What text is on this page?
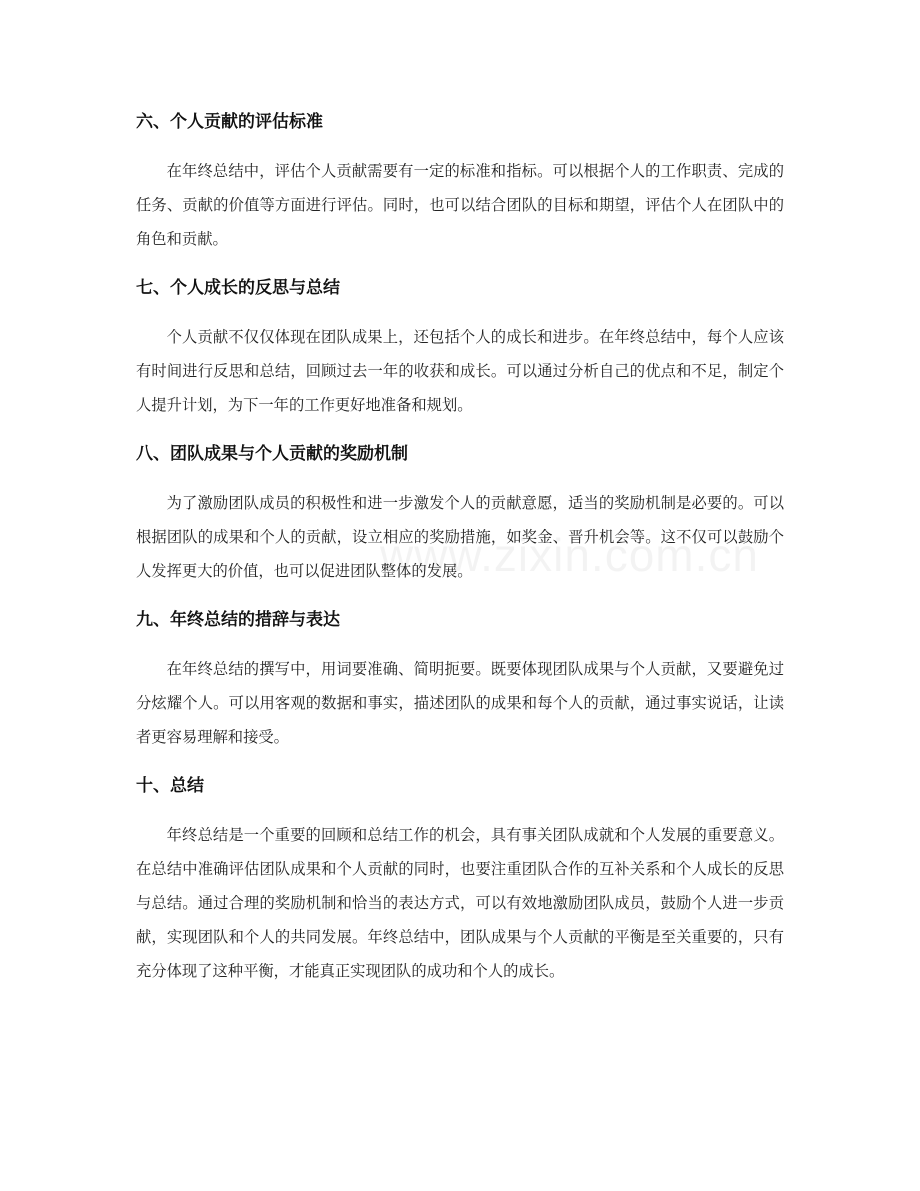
六、个人贡献的评估标准

在年终总结中，评估个人贡献需要有一定的标准和指标。可以根据个人的工作职责、完成的任务、贡献的价值等方面进行评估。同时，也可以结合团队的目标和期望，评估个人在团队中的角色和贡献。

七、个人成长的反思与总结

个人贡献不仅仅体现在团队成果上，还包括个人的成长和进步。在年终总结中，每个人应该有时间进行反思和总结，回顾过去一年的收获和成长。可以通过分析自己的优点和不足，制定个人提升计划，为下一年的工作更好地准备和规划。

八、团队成果与个人贡献的奖励机制

为了激励团队成员的积极性和进一步激发个人的贡献意愿，适当的奖励机制是必要的。可以根据团队的成果和个人的贡献，设立相应的奖励措施，如奖金、晋升机会等。这不仅可以鼓励个人发挥更大的价值，也可以促进团队整体的发展。

九、年终总结的措辞与表达

在年终总结的撰写中，用词要准确、简明扼要。既要体现团队成果与个人贡献，又要避免过分炫耀个人。可以用客观的数据和事实，描述团队的成果和每个人的贡献，通过事实说话，让读者更容易理解和接受。

十、总结

年终总结是一个重要的回顾和总结工作的机会，具有事关团队成就和个人发展的重要意义。在总结中准确评估团队成果和个人贡献的同时，也要注重团队合作的互补关系和个人成长的反思与总结。通过合理的奖励机制和恰当的表达方式，可以有效地激励团队成员，鼓励个人进一步贡献，实现团队和个人的共同发展。年终总结中，团队成果与个人贡献的平衡是至关重要的，只有充分体现了这种平衡，才能真正实现团队的成功和个人的成长。
